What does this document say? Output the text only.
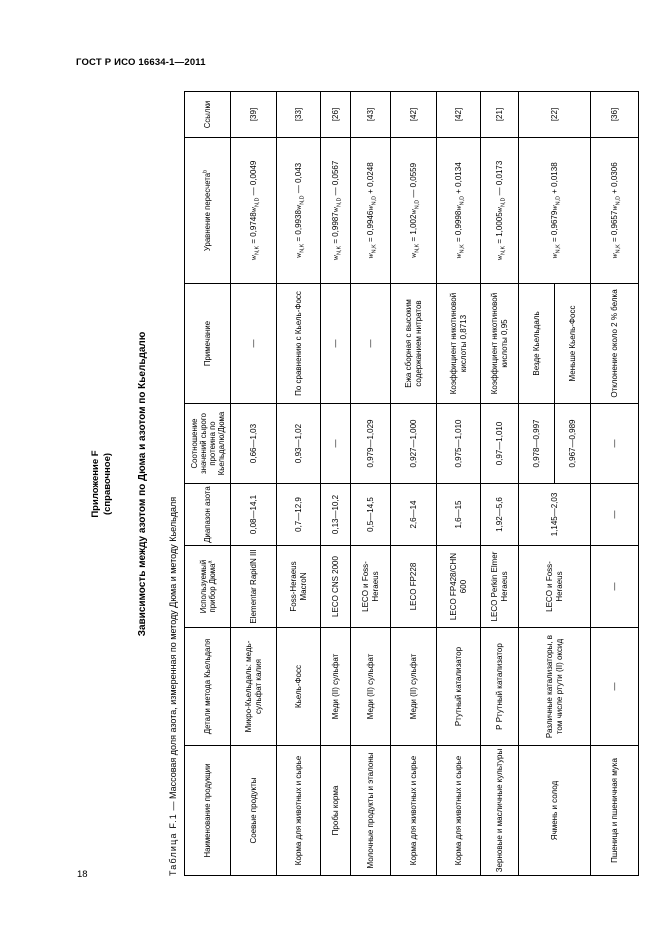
ГОСТ Р ИСО 16634-1—2011
18
Приложение F (справочное) Зависимость между азотом по Дюма и азотом по Кьельдалю
Таблица F.1 — Массовая доля азота, измеренная по методу Дюма и методу Кьельдаля
Наименование продукции	Детали метода Кьельдаля	Используемый прибор Дюма$^a$	Диапазон азота	Соотношение значений сырого протеина по Кьельдалю/Дюма	Примечание	Уравнение пересчета$^b$	Ссылки
Соевые продукты	Микро-Кьельдаль: медь-сульфат калия	Elementar RapidN III	0,08—14,1	0,66—1,03	—	$w_{N,K} = 0,9748w_{N,D}$ — 0,0049	[39]
Корма для животных и сырье	Кьель-Фосс	Foss-Heraeus MacroN	0,7—12,9	0,93—1,02	По сравнению с Кьель-Фосс	$w_{N,K} = 0,9938w_{N,D}$ — 0,043	[33]
Пробы корма	Меди (II) сульфат	LECO CNS 2000	0,13—10,2	—	—	$w_{N,K} = 0,9987w_{N,D}$ — 0,0567	[26]
Молочные продукты и эталоны	Меди (II) сульфат	LECO и Foss-Heraeus	0,5—14,5	0,979—1,029	—	$w_{N,K} = 0,9946w_{N,D} + 0,0248$	[43]
Корма для животных и сырье	Меди (II) сульфат	LECO FP228	2,6—14	0,927—1,000	Ежа сборная с высоким содержанием нитратов	$w_{N,K} = 1,002w_{N,D}$ — 0,0559	[42]
Корма для животных и сырье	Ртутный катализатор	LECO FP428/CHN 600	1,6—15	0,975—1,010	Коэффициент никотиновой кислоты 0,8713	$w_{N,K} = 0,9998w_{N,D} + 0,0134$	[42]
Зерновые и масличные культуры	Р Ртутный катализатор	LECO Perkin Elmer Heraeus	1,92—5,6	0,97—1,010	Коэффициент никотиновой кислоты 0,95	$w_{N,K} = 1,0005w_{N,D}$ — 0,0173	[21]
Ячмень и солод	Различные катализаторы, в том числе ртути (II) оксид	LECO и Foss-Heraeus	1,145—2,03	0,978—0,997	Везде Кьельдаль	$w_{N,K} = 0,9679w_{N,D} + 0,0138$	[22]
				0,967—0,989	Меньше Кьель-Фосс		
Пшеница и пшеничная мука	—	—	—	—	Отклонение около 2 % белка	$w_{N,K} = 0,9657w_{N,D} + 0,0306$	[36]
